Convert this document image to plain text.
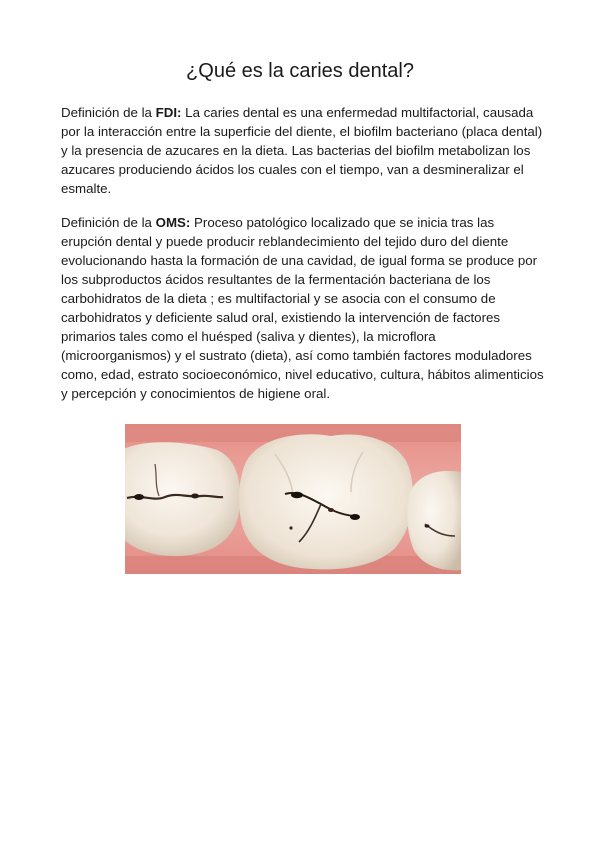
¿Qué es la caries dental?

Definición de la FDI: La caries dental es una enfermedad multifactorial, causada por la interacción entre la superficie del diente, el biofilm bacteriano (placa dental) y la presencia de azucares en la dieta. Las bacterias del biofilm metabolizan los azucares produciendo ácidos los cuales con el tiempo, van a desmineralizar el esmalte.

Definición de la OMS: Proceso patológico localizado que se inicia tras las erupción dental y puede producir reblandecimiento del tejido duro del diente evolucionando hasta la formación de una cavidad, de igual forma se produce por los subproductos ácidos resultantes de la fermentación bacteriana de los carbohidratos de la dieta ; es multifactorial y se asocia con el consumo de carbohidratos y deficiente salud oral, existiendo la intervención de factores primarios tales como el huésped (saliva y dientes), la microflora (microorganismos) y el sustrato (dieta), así como también factores moduladores como, edad, estrato socioeconómico, nivel educativo, cultura, hábitos alimenticios y percepción y conocimientos de higiene oral.
